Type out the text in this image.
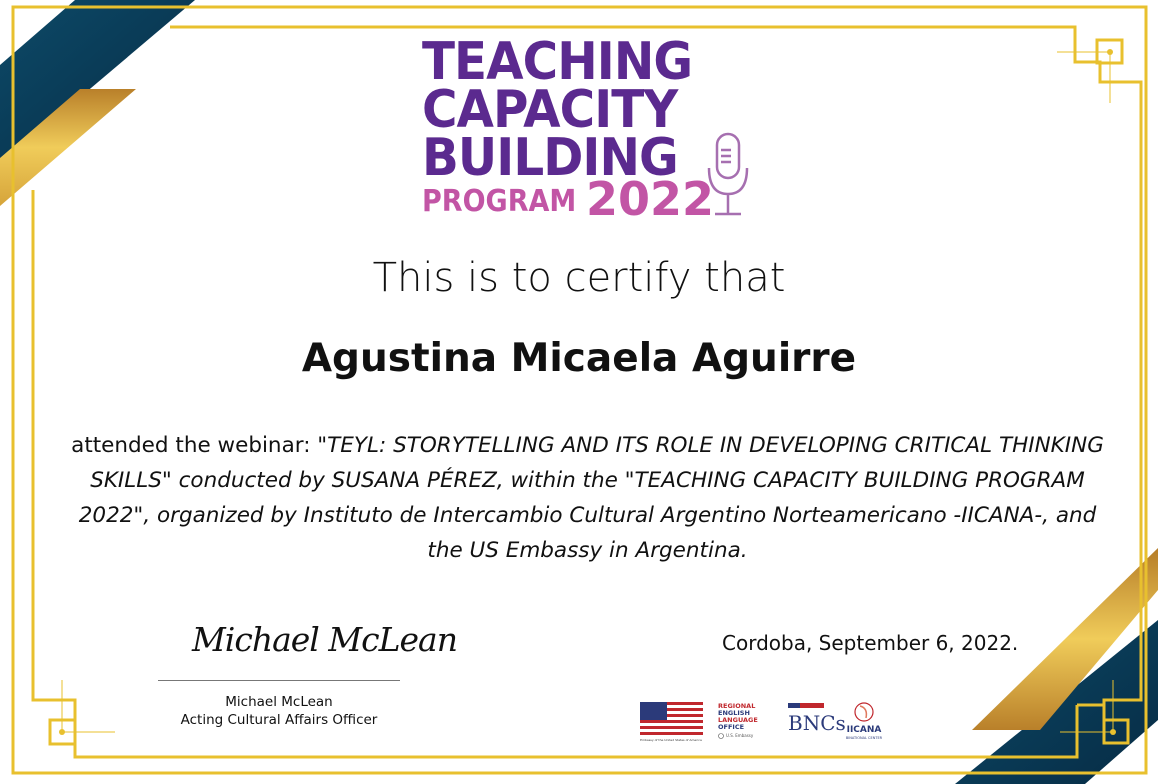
TEACHING
CAPACITY
BUILDING
PROGRAM 2022
This is to certify that
Agustina Micaela Aguirre
attended the webinar: "TEYL: STORYTELLING AND ITS ROLE IN DEVELOPING CRITICAL THINKING SKILLS" conducted by SUSANA PÉREZ, within the "TEACHING CAPACITY BUILDING PROGRAM 2022", organized by Instituto de Intercambio Cultural Argentino Norteamericano -IICANA-, and the US Embassy in Argentina.
Michael McLean
Michael McLean
Acting Cultural Affairs Officer
Cordoba, September 6, 2022.
Embassy of the United States of America
REGIONAL
ENGLISH
LANGUAGE
OFFICE
U.S. Embassy
BNCs IICANA
BINATIONAL CENTER
